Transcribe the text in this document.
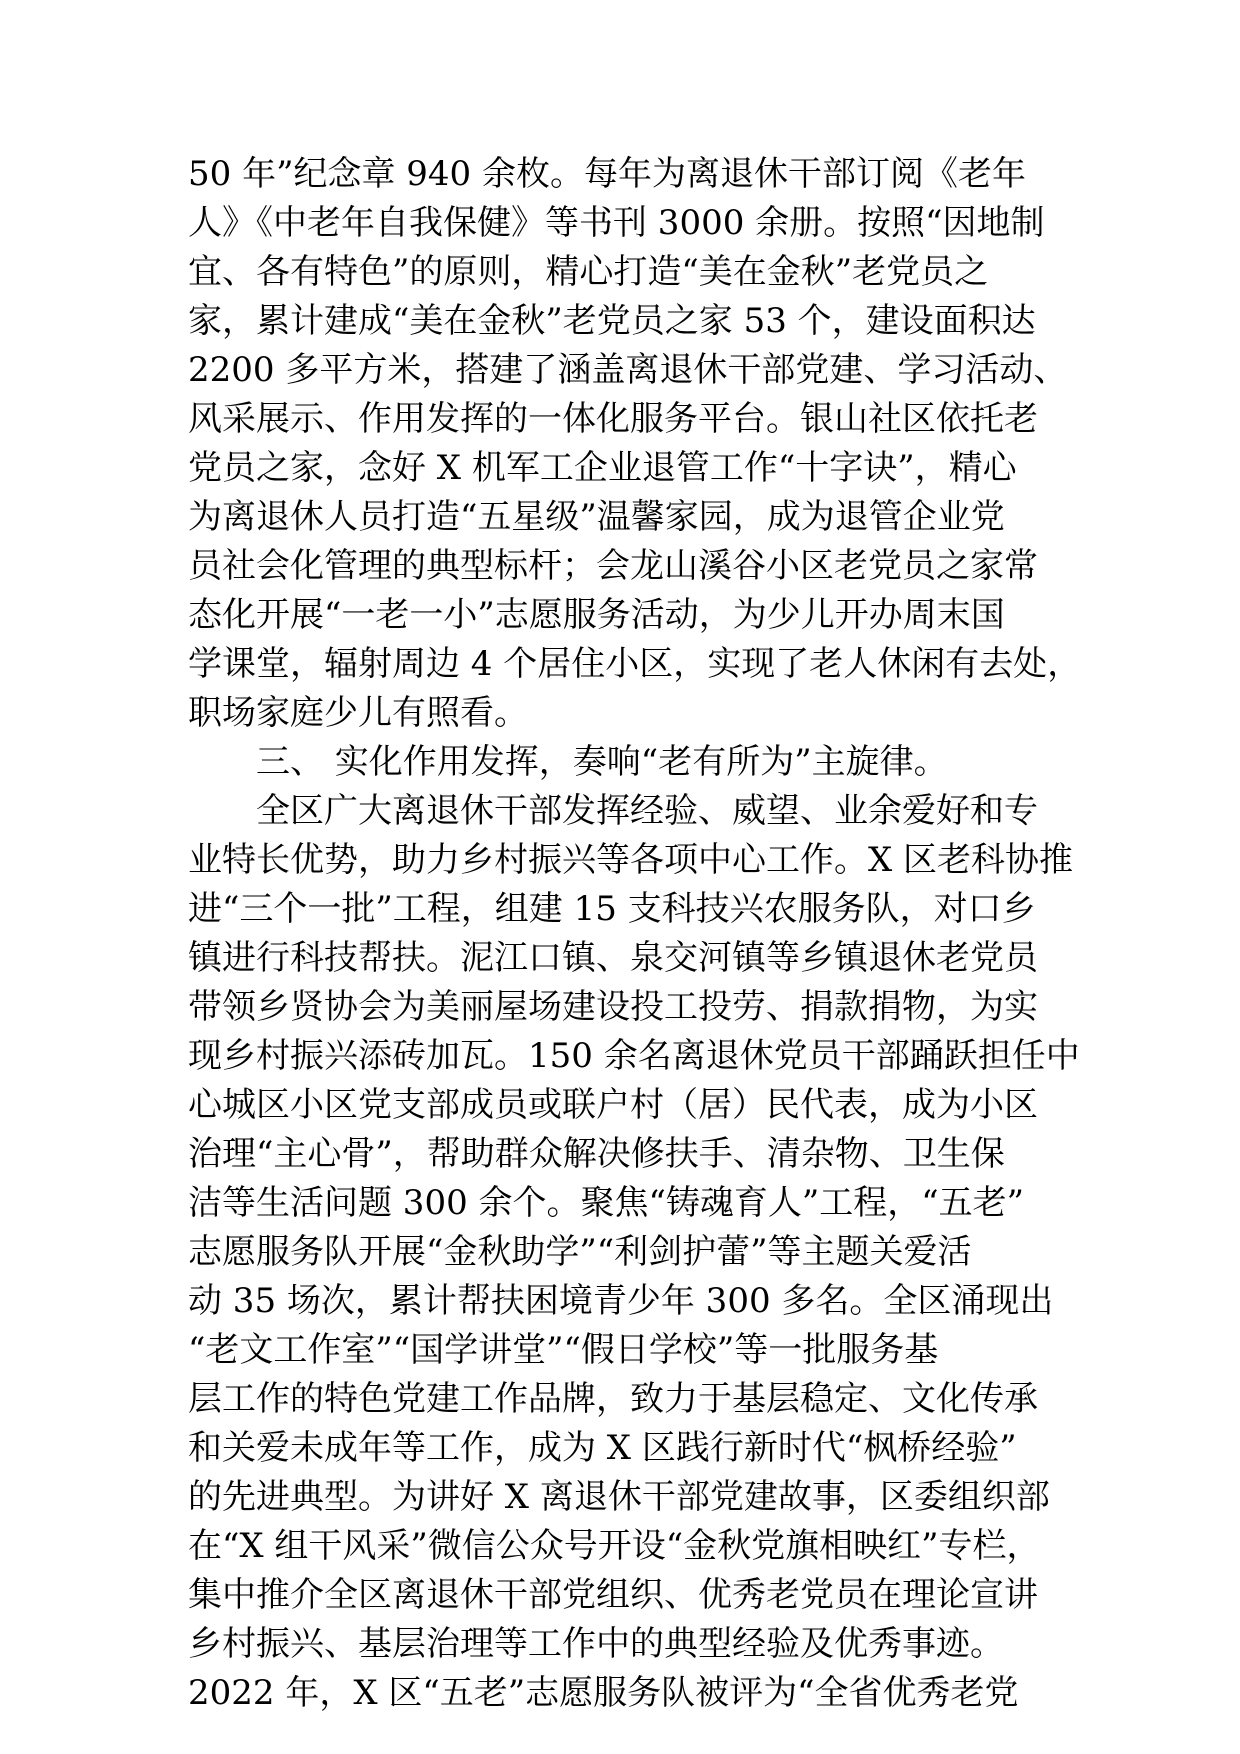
50 年”纪念章 940 余枚。每年为离退休干部订阅《老年
人》《中老年自我保健》等书刊 3000 余册。按照“因地制
宜、各有特色”的原则，精心打造“美在金秋”老党员之
家，累计建成“美在金秋”老党员之家 53 个，建设面积达
2200 多平方米，搭建了涵盖离退休干部党建、学习活动、
风采展示、作用发挥的一体化服务平台。银山社区依托老
党员之家，念好 X 机军工企业退管工作“十字诀”，精心
为离退休人员打造“五星级”温馨家园，成为退管企业党
员社会化管理的典型标杆；会龙山溪谷小区老党员之家常
态化开展“一老一小”志愿服务活动，为少儿开办周末国
学课堂，辐射周边 4 个居住小区，实现了老人休闲有去处，
职场家庭少儿有照看。
三、 实化作用发挥，奏响“老有所为”主旋律。
全区广大离退休干部发挥经验、威望、业余爱好和专
业特长优势，助力乡村振兴等各项中心工作。X 区老科协推
进“三个一批”工程，组建 15 支科技兴农服务队，对口乡
镇进行科技帮扶。泥江口镇、泉交河镇等乡镇退休老党员
带领乡贤协会为美丽屋场建设投工投劳、捐款捐物，为实
现乡村振兴添砖加瓦。150 余名离退休党员干部踊跃担任中
心城区小区党支部成员或联户村（居）民代表，成为小区
治理“主心骨”，帮助群众解决修扶手、清杂物、卫生保
洁等生活问题 300 余个。聚焦“铸魂育人”工程，“五老”
志愿服务队开展“金秋助学”“利剑护蕾”等主题关爱活
动 35 场次，累计帮扶困境青少年 300 多名。全区涌现出
“老文工作室”“国学讲堂”“假日学校”等一批服务基
层工作的特色党建工作品牌，致力于基层稳定、文化传承
和关爱未成年等工作，成为 X 区践行新时代“枫桥经验”
的先进典型。为讲好 X 离退休干部党建故事，区委组织部
在“X 组干风采”微信公众号开设“金秋党旗相映红”专栏，
集中推介全区离退休干部党组织、优秀老党员在理论宣讲
乡村振兴、基层治理等工作中的典型经验及优秀事迹。
2022 年，X 区“五老”志愿服务队被评为“全省优秀老党
